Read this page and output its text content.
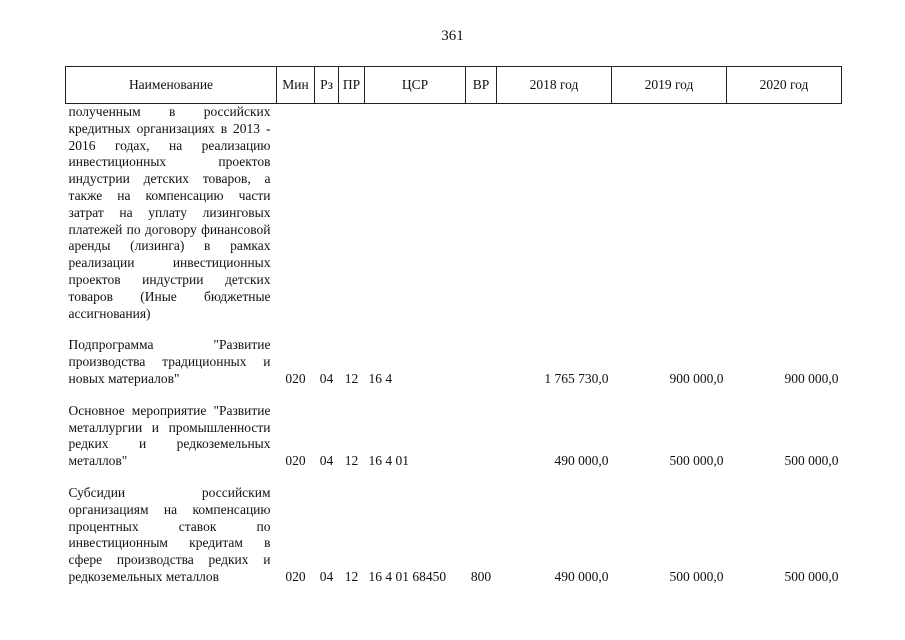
361
Наименование	Мин	Рз	ПР	ЦСР	ВР	2018 год	2019 год	2020 год
полученным в российских кредитных организациях в 2013 - 2016 годах, на реализацию инвестиционных проектов индустрии детских товаров, а также на компенсацию части затрат на уплату лизинговых платежей по договору финансовой аренды (лизинга) в рамках реализации инвестиционных проектов индустрии детских товаров (Иные бюджетные ассигнования)								

Подпрограмма "Развитие производства традиционных и новых материалов"	020	04	12	16 4		1 765 730,0	900 000,0	900 000,0

Основное мероприятие "Развитие металлургии и промышленности редких и редкоземельных металлов"	020	04	12	16 4 01		490 000,0	500 000,0	500 000,0

Субсидии российским организациям на компенсацию процентных ставок по инвестиционным кредитам в сфере производства редких и редкоземельных металлов	020	04	12	16 4 01 68450	800	490 000,0	500 000,0	500 000,0
